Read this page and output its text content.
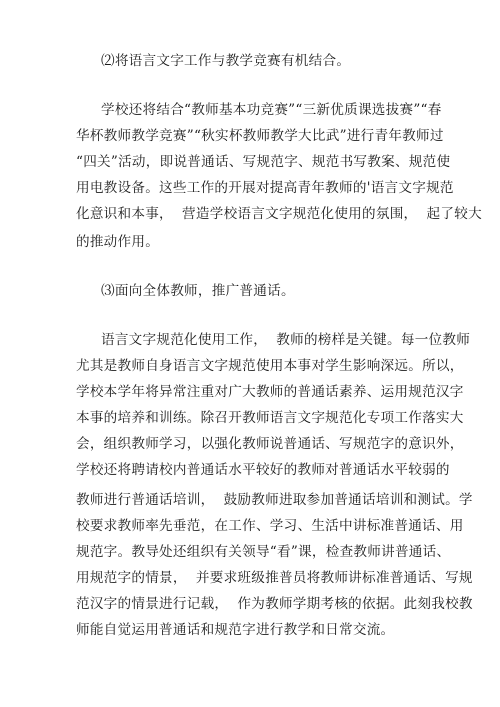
⑵将语言文字工作与教学竞赛有机结合。
学校还将结合“教师基本功竞赛”“三新优质课选拔赛”“春
华杯教师教学竞赛”“秋实杯教师教学大比武”进行青年教师过
“四关”活动，即说普通话、写规范字、规范书写教案、规范使
用电教设备。这些工作的开展对提高青年教师的'语言文字规范
化意识和本事，  营造学校语言文字规范化使用的氛围，  起了较大
的推动作用。
⑶面向全体教师，推广普通话。
语言文字规范化使用工作，  教师的榜样是关键。每一位教师
尤其是教师自身语言文字规范使用本事对学生影响深远。所以，
学校本学年将异常注重对广大教师的普通话素养、运用规范汉字
本事的培养和训练。除召开教师语言文字规范化专项工作落实大
会，组织教师学习，以强化教师说普通话、写规范字的意识外，
学校还将聘请校内普通话水平较好的教师对普通话水平较弱的
教师进行普通话培训，  鼓励教师进取参加普通话培训和测试。学
校要求教师率先垂范，在工作、学习、生活中讲标准普通话、用
规范字。教导处还组织有关领导“看”课，检查教师讲普通话、
用规范字的情景，  并要求班级推普员将教师讲标准普通话、写规
范汉字的情景进行记载，  作为教师学期考核的依据。此刻我校教
师能自觉运用普通话和规范字进行教学和日常交流。
